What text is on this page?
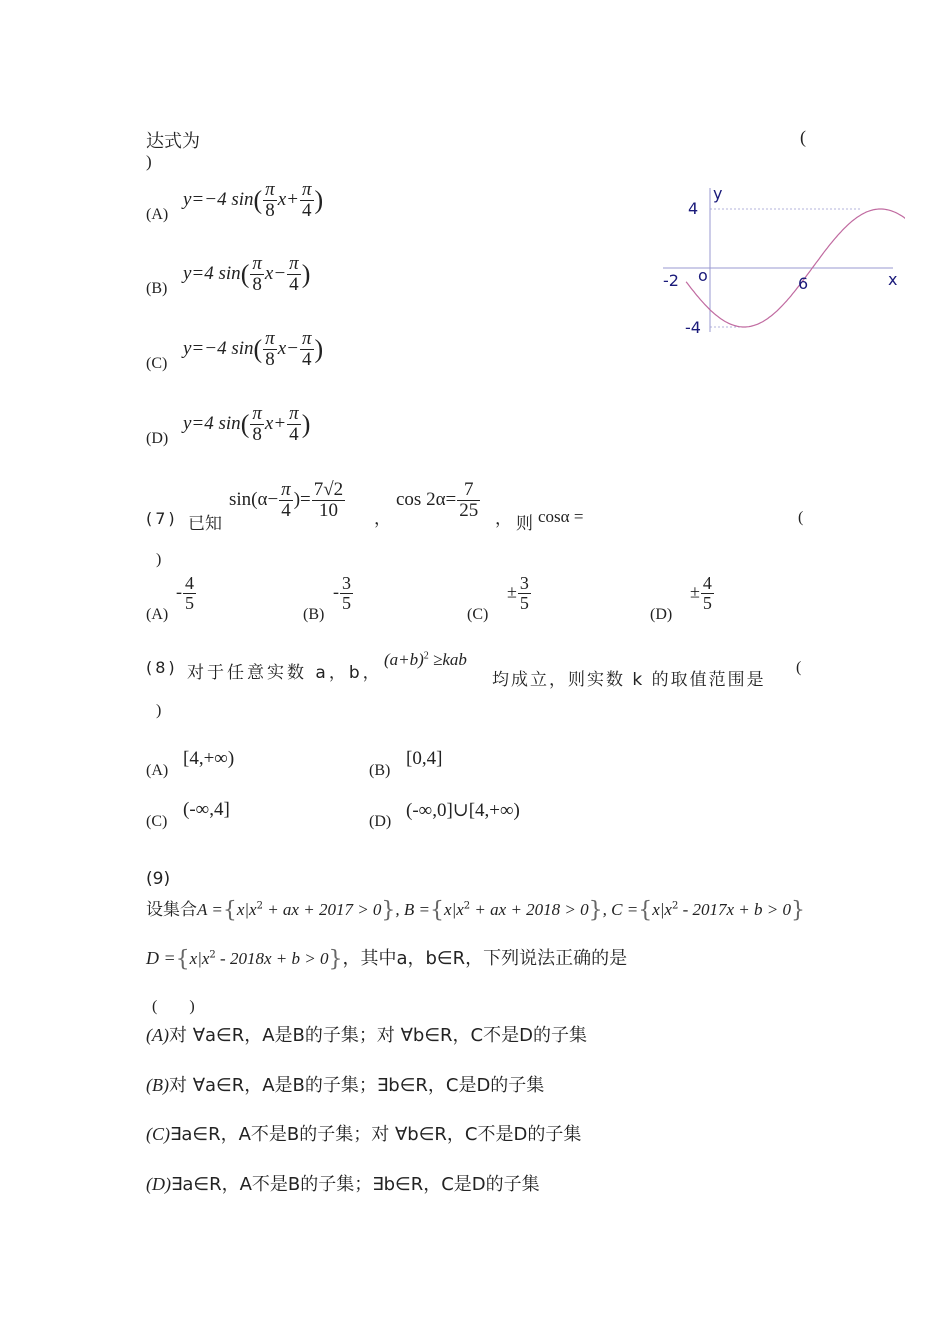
达式为	(
)
(A)
y=−4 $\sin( \frac{\pi}{8} x+ \frac{\pi}{4}$ )
(B)
y=4 $\sin( \frac{\pi}{8} x- \frac{\pi}{4}$ )
(C)
y=−4 $\sin( \frac{\pi}{8} x- \frac{\pi}{4}$ )
(D)
y=4 $\sin( \frac{\pi}{8} x+ \frac{\pi}{4}$ )
y
x
o
4
-4
-2	6
(7) 已知
$\sin(\alpha- \frac{\pi}{4}$ )= $\frac{7√2}{10}$ ，
$\cos 2\alpha= \frac{7}{25}$ ， 则 cosα =	(
)
(A)
- $\frac{4}{5}$
(B)
- $\frac{3}{5}$
(C)
± $\frac{3}{5}$
(D)
± $\frac{4}{5}$
(8) 对于任意实数 a，b，
$(a+b)^2 \ge kab$
均成立，则实数 k 的取值范围是
(
)
(A)
[4,+∞)
(B)
[0,4]
(C)
(-∞,4]
(D)
(-∞,0]∪[4,+∞)
(9)
设集合$A =\{x|x^2$ + ax + 2017 > 0}, $B =\{x|x^2$ + ax + 2018 > 0}, $C =\{x|x^2 - 2017x + b > 0\}$
$D =\{x|x^2 - 2018x + b > 0\}$，其中a，b∈R，下列说法正确的是
(        )
(A)对 ∀a∈R，A是B的子集；对 ∀b∈R，C不是D的子集
(B)对 ∀a∈R，A是B的子集；∃b∈R，C是D的子集
(C)∃a∈R，A不是B的子集；对 ∀b∈R，C不是D的子集
(D)∃a∈R，A不是B的子集；∃b∈R，C是D的子集
